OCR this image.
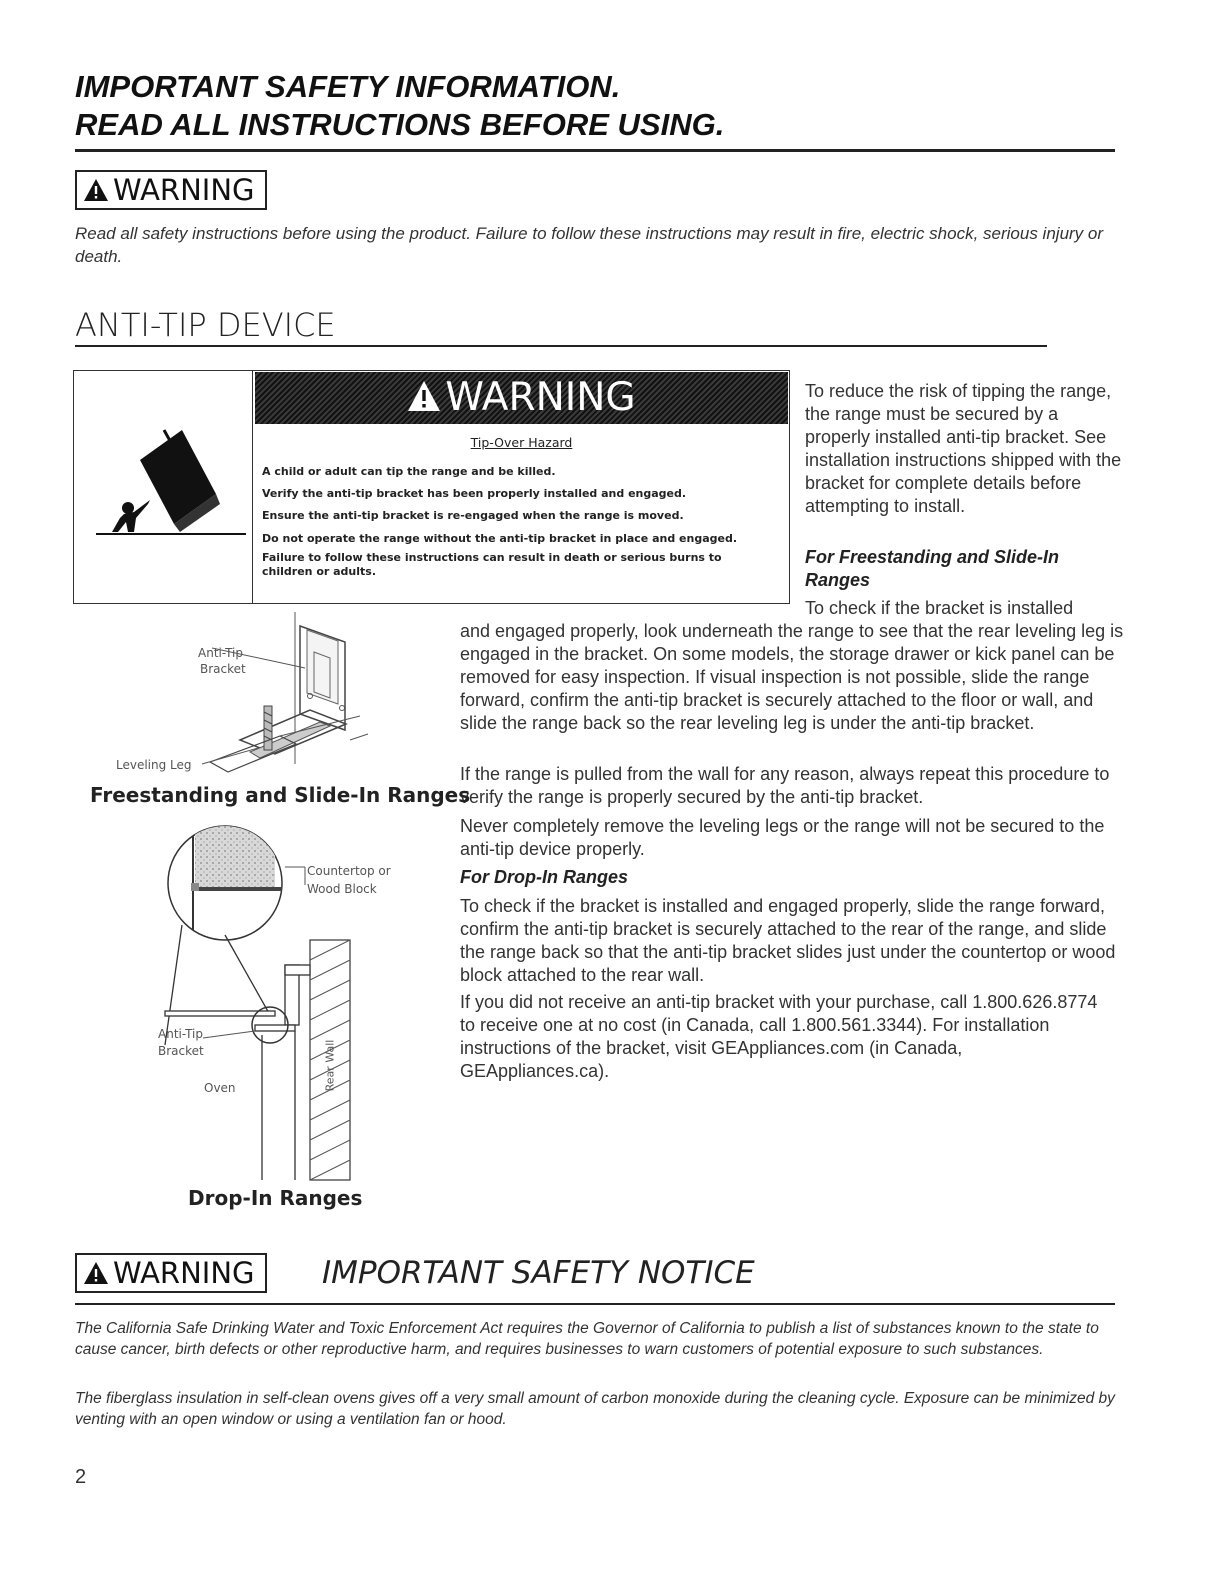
IMPORTANT SAFETY INFORMATION.
READ ALL INSTRUCTIONS BEFORE USING.
WARNING
Read all safety instructions before using the product. Failure to follow these instructions may result in fire, electric shock, serious injury or death.
ANTI-TIP DEVICE
WARNING
Tip-Over Hazard
A child or adult can tip the range and be killed.
Verify the anti-tip bracket has been properly installed and engaged.
Ensure the anti-tip bracket is re-engaged when the range is moved.
Do not operate the range without the anti-tip bracket in place and engaged.
Failure to follow these instructions can result in death or serious burns to children or adults.
To reduce the risk of tipping the range, the range must be secured by a properly installed anti-tip bracket. See installation instructions shipped with the bracket for complete details before attempting to install.
For Freestanding and Slide-In Ranges
To check if the bracket is installed
and engaged properly, look underneath the range to see that the rear leveling leg is engaged in the bracket. On some models, the storage drawer or kick panel can be removed for easy inspection. If visual inspection is not possible, slide the range forward, confirm the anti-tip bracket is securely attached to the floor or wall, and slide the range back so the rear leveling leg is under the anti-tip bracket.
If the range is pulled from the wall for any reason, always repeat this procedure to verify the range is properly secured by the anti-tip bracket.
Never completely remove the leveling legs or the range will not be secured to the anti-tip device properly.
For Drop-In Ranges
To check if the bracket is installed and engaged properly, slide the range forward, confirm the anti-tip bracket is securely attached to the rear of the range, and slide the range back so that the anti-tip bracket slides just under the countertop or wood block attached to the rear wall.
If you did not receive an anti-tip bracket with your purchase, call 1.800.626.8774 to receive one at no cost (in Canada, call 1.800.561.3344). For installation instructions of the bracket, visit GEAppliances.com (in Canada, GEAppliances.ca).
Anti-Tip
Bracket
Leveling Leg
Freestanding and Slide-In Ranges
Countertop or
Wood Block
Anti-Tip
Bracket
Oven	Rear Wall
Drop-In Ranges
WARNING	IMPORTANT SAFETY NOTICE
The California Safe Drinking Water and Toxic Enforcement Act requires the Governor of California to publish a list of substances known to the state to cause cancer, birth defects or other reproductive harm, and requires businesses to warn customers of potential exposure to such substances.
The fiberglass insulation in self-clean ovens gives off a very small amount of carbon monoxide during the cleaning cycle. Exposure can be minimized by venting with an open window or using a ventilation fan or hood.
2
